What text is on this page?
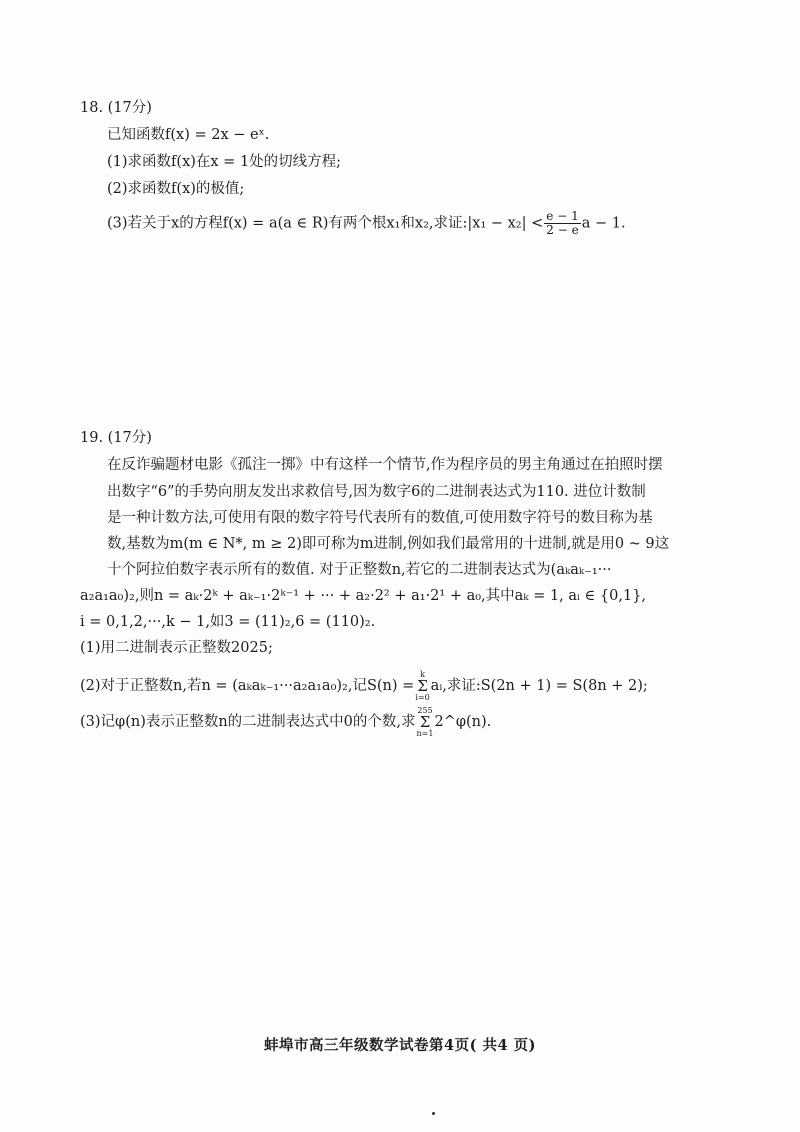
18. (17分)
已知函数f(x) = 2x − eˣ.
(1)求函数f(x)在x = 1处的切线方程;
(2)求函数f(x)的极值;
(3)若关于x的方程f(x) = a(a ∈ R)有两个根x₁和x₂,求证:|x₁ − $x_2| < \frac{e - 1}{2 - e}$ a − 1.
19. (17分)
在反诈骗题材电影《孤注一掷》中有这样一个情节,作为程序员的男主角通过在拍照时摆
出数字“6”的手势向朋友发出求救信号,因为数字6的二进制表达式为110. 进位计数制
是一种计数方法,可使用有限的数字符号代表所有的数值,可使用数字符号的数目称为基
数,基数为m(m ∈ N*, m ≥ 2)即可称为m进制,例如我们最常用的十进制,就是用0 ~ 9这
十个阿拉伯数字表示所有的数值. 对于正整数n,若它的二进制表达式为(aₖaₖ₋₁···
a₂a₁a₀)₂,则n = aₖ·2ᵏ + aₖ₋₁·2ᵏ⁻¹ + ··· + a₂·2² + a₁·2¹ + a₀,其中aₖ = 1, aᵢ ∈ {0,1},
i = 0,1,2,···,k − 1,如3 = (11)₂,6 = (110)₂.
(1)用二进制表示正整数2025;
(2)对于正整数n,若n = (aₖaₖ₋₁···a₂a₁a₀)₂,记S(n) =
k
Σ
i=0
aᵢ,求证:S(2n + 1) = S(8n + 2);
(3)记φ(n)表示正整数n的二进制表达式中0的个数,求
255
Σ
n=1
2^φ(n).
蚌埠市高三年级数学试卷第4页( 共4 页)
